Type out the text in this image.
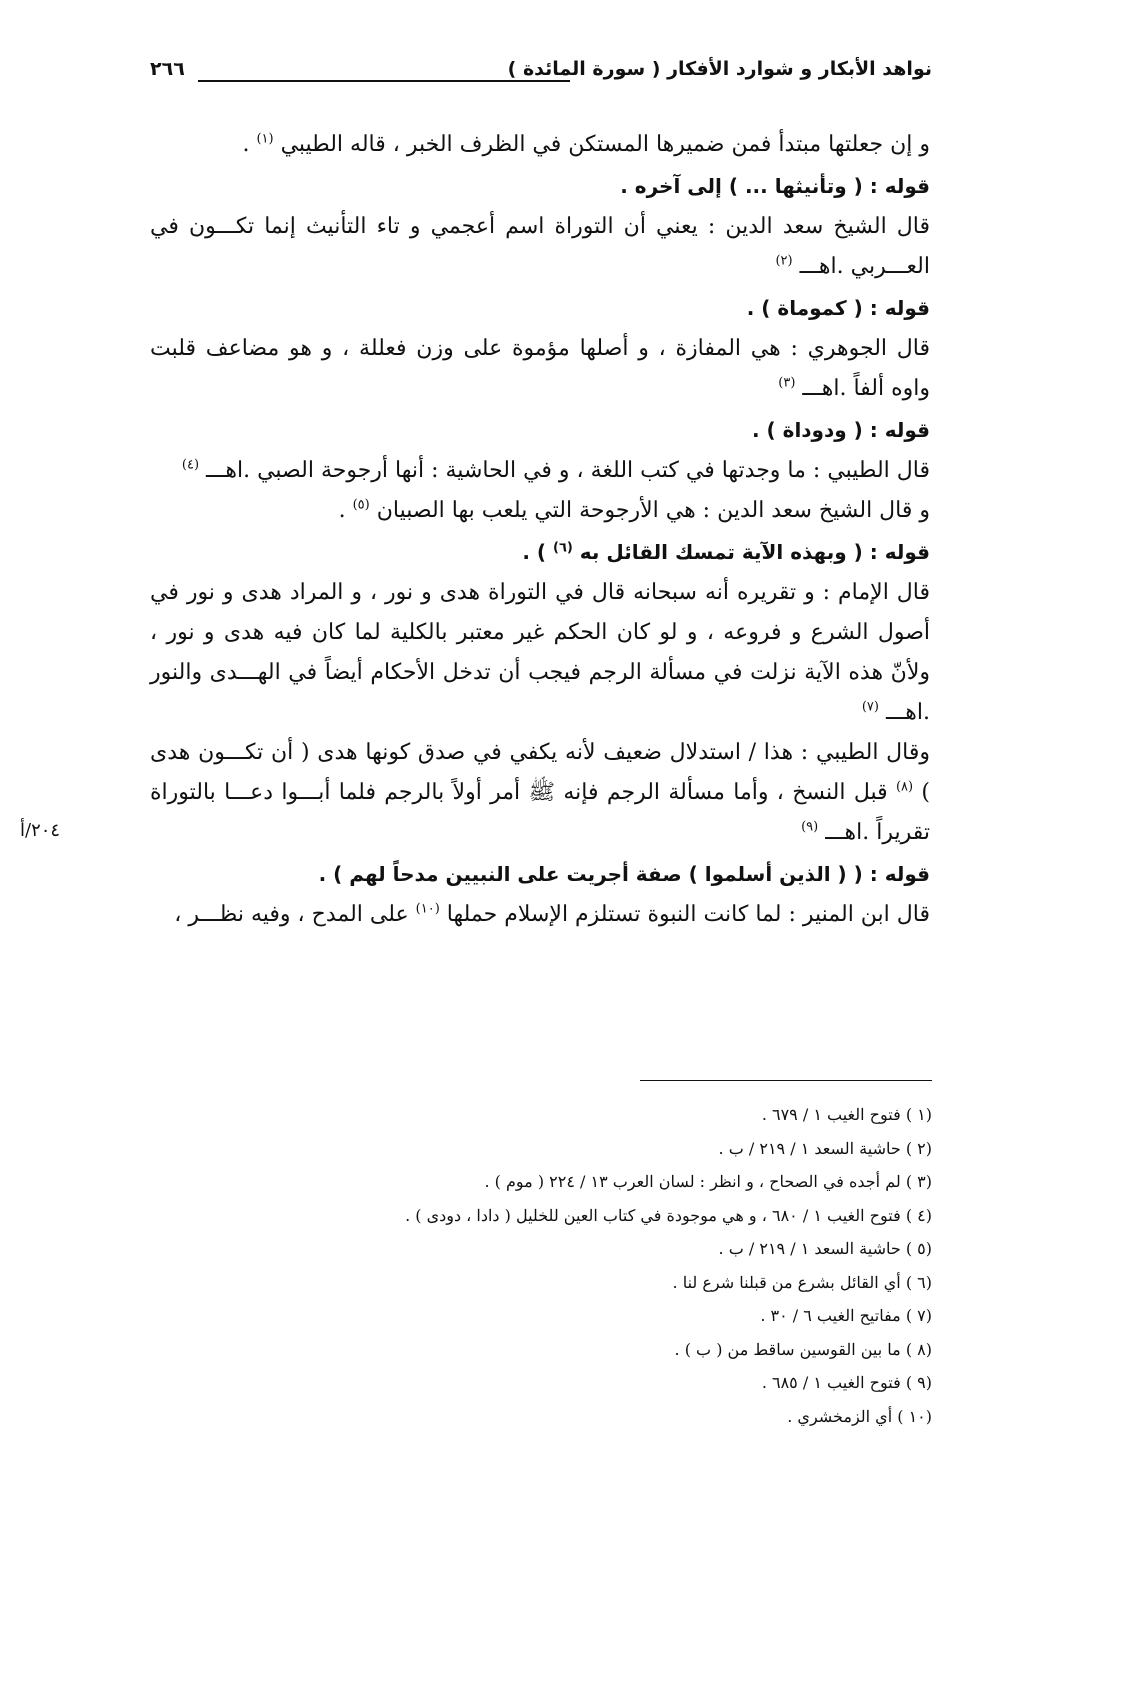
نواهد الأبكار و شوارد الأفكار ( سورة المائدة )
٢٦٦
٢٠٤/أ

و إن جعلتها مبتدأ فمن ضميرها المستكن في الظرف الخبر ، قاله الطيبي $^{(١)}$ .

قوله : ( وتأنيثها ... ) إلى آخره .

قال الشيخ سعد الدين : يعني أن التوراة اسم أعجمي و تاء التأنيث إنما تكـــون في العـــربي .اهـــ $^{(٢)}$

قوله : ( كموماة ) .

قال الجوهري : هي المفازة ، و أصلها مؤموة على وزن فعللة ، و هو مضاعف قلبت واوه ألفاً .اهـــ $^{(٣)}$

قوله : ( ودوداة ) .

قال الطيبي : ما وجدتها في كتب اللغة ، و في الحاشية : أنها أرجوحة الصبي .اهـــ $^{(٤)}$

و قال الشيخ سعد الدين : هي الأرجوحة التي يلعب بها الصبيان $^{(٥)}$ .

قوله : ( وبهذه الآية تمسك القائل به $^{(٦)}$ ) .

قال الإمام : و تقريره أنه سبحانه قال في التوراة هدى و نور ، و المراد هدى و نور في أصول الشرع و فروعه ، و لو كان الحكم غير معتبر بالكلية لما كان فيه هدى و نور ، ولأنّ هذه الآية نزلت في مسألة الرجم فيجب أن تدخل الأحكام أيضاً في الهـــدى والنور .اهـــ $^{(٧)}$

وقال الطيبي : هذا / استدلال ضعيف لأنه يكفي في صدق كونها هدى ( أن تكـــون هدى ) $^{(٨)}$ قبل النسخ ، وأما مسألة الرجم فإنه ﷺ أمر أولاً بالرجم فلما أبـــوا دعـــا بالتوراة تقريراً .اهـــ $^{(٩)}$

قوله : ( ( الذين أسلموا ) صفة أجريت على النبيين مدحاً لهم ) .

قال ابن المنير : لما كانت النبوة تستلزم الإسلام حملها $^{(١٠)}$ على المدح ، وفيه نظـــر ،

(١ ) فتوح الغيب ١ / ٦٧٩ .

(٢ ) حاشية السعد ١ / ٢١٩ / ب .

(٣ ) لم أجده في الصحاح ، و انظر : لسان العرب ١٣ / ٢٢٤ ( موم ) .

(٤ ) فتوح الغيب ١ / ٦٨٠ ، و هي موجودة في كتاب العين للخليل ( دادا ، دودى ) .

(٥ ) حاشية السعد ١ / ٢١٩ / ب .

(٦ ) أي القائل بشرع من قبلنا شرع لنا .

(٧ ) مفاتيح الغيب ٦ / ٣٠ .

(٨ ) ما بين القوسين ساقط من ( ب ) .

(٩ ) فتوح الغيب ١ / ٦٨٥ .

(١٠ ) أي الزمخشري .
